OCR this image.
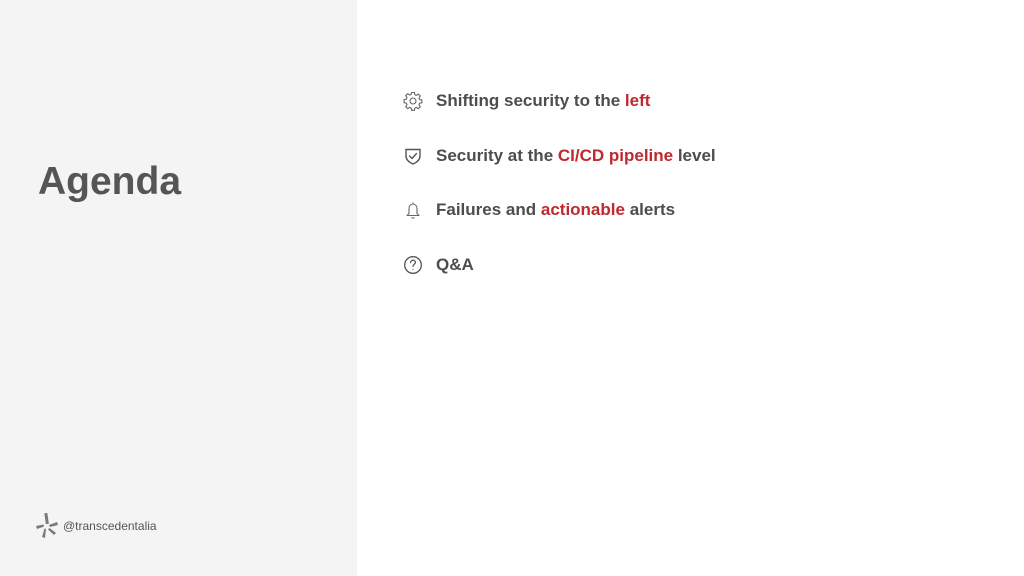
Agenda
@transcedentalia
Shifting security to the left
Security at the CI/CD pipeline level
Failures and actionable alerts
Q&A
